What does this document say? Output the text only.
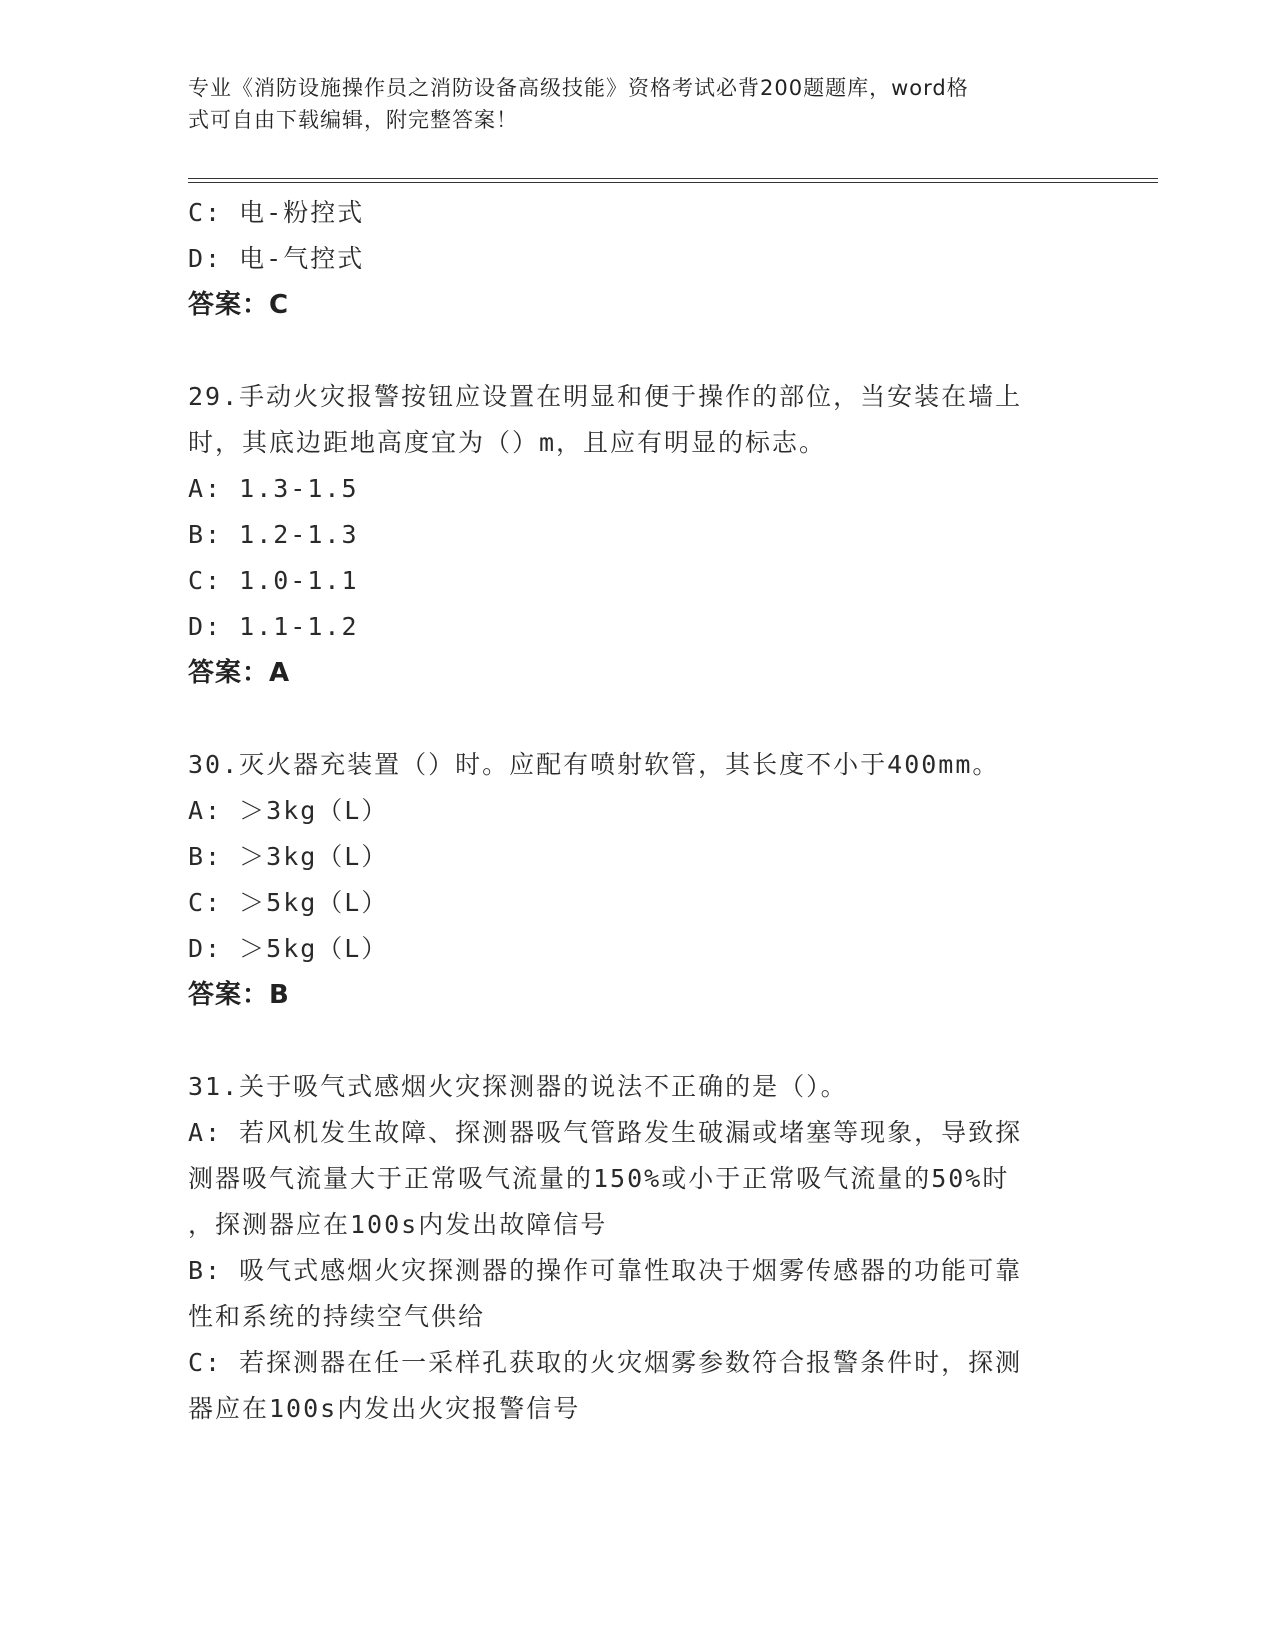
专业《消防设施操作员之消防设备高级技能》资格考试必背200题题库，word格
式可自由下载编辑，附完整答案！
C: 电-粉控式
D: 电-气控式
答案：C
29.手动火灾报警按钮应设置在明显和便于操作的部位，当安装在墙上
时，其底边距地高度宜为（）m，且应有明显的标志。
A: 1.3-1.5
B: 1.2-1.3
C: 1.0-1.1
D: 1.1-1.2
答案：A
30.灭火器充装置（）时。应配有喷射软管，其长度不小于400mm。
A: ＞3kg（L）
B: ＞3kg（L）
C: ＞5kg（L）
D: ＞5kg（L）
答案：B
31.关于吸气式感烟火灾探测器的说法不正确的是（）。
A: 若风机发生故障、探测器吸气管路发生破漏或堵塞等现象，导致探
测器吸气流量大于正常吸气流量的150%或小于正常吸气流量的50%时
，探测器应在100s内发出故障信号
B: 吸气式感烟火灾探测器的操作可靠性取决于烟雾传感器的功能可靠
性和系统的持续空气供给
C: 若探测器在任一采样孔获取的火灾烟雾参数符合报警条件时，探测
器应在100s内发出火灾报警信号
